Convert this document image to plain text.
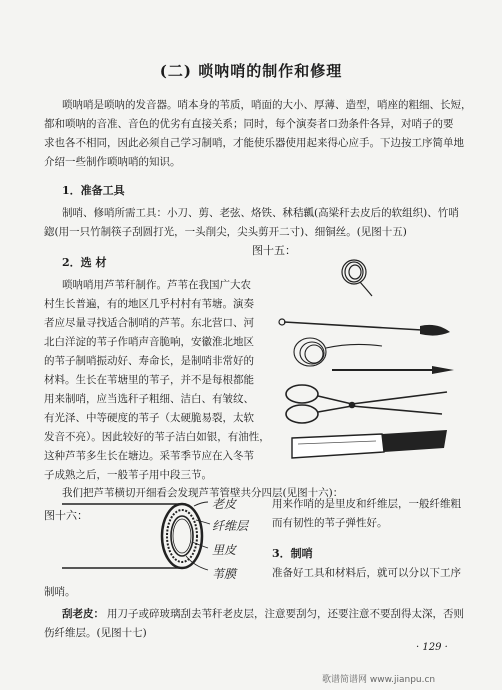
(二) 唢呐哨的制作和修理
唢呐哨是唢呐的发音器。哨本身的苇质，哨面的大小、厚薄、造型，哨座的粗细、长短，
都和唢呐的音准、音色的优劣有直接关系；同时，每个演奏者口劲条件各异，对哨子的要
求也各不相同，因此必须自己学习制哨，才能使乐器使用起来得心应手。下边按工序简单地
介绍一些制作唢呐哨的知识。
1．准备工具
制哨、修哨所需工具：小刀、剪、老弦、烙铁、秫秸瓤(高梁秆去皮后的软组织)、竹哨
鍃(用一只竹制筷子刮圆打光，一头削尖，尖头剪开二寸)、细铜丝。(见图十五)
图十五：
2．选 材
唢呐哨用芦苇秆制作。芦苇在我国广大农
村生长普遍，有的地区几乎村村有苇塘。演奏
者应尽量寻找适合制哨的芦苇。东北营口、河
北白洋淀的苇子作哨声音脆响，安徽淮北地区
的苇子制哨振动好、寿命长，是制哨非常好的
材料。生长在苇塘里的苇子，并不是每根都能
用来制哨，应当选秆子粗细、洁白、有皱纹、
有光泽、中等硬度的苇子（太硬脆易裂，太软
发音不亮）。因此较好的苇子洁白如银，有油性，
这种芦苇多生长在塘边。采苇季节应在入冬苇
子成熟之后，一般苇子用中段三节。
我们把芦苇横切开细看会发现芦苇管壁共分四层(见图十六)：
图十六：
老皮
纤维层
里皮
苇膜
用来作哨的是里皮和纤维层，一般纤维粗
而有韧性的苇子弹性好。
3．制哨
准备好工具和材料后，就可以分以下工序
制哨。
刮老皮： 用刀子或碎玻璃刮去苇秆老皮层，注意要刮匀，还要注意不要刮得太深，否则
伤纤维层。(见图十七)
· 129 ·
歌谱简谱网 www.jianpu.cn
